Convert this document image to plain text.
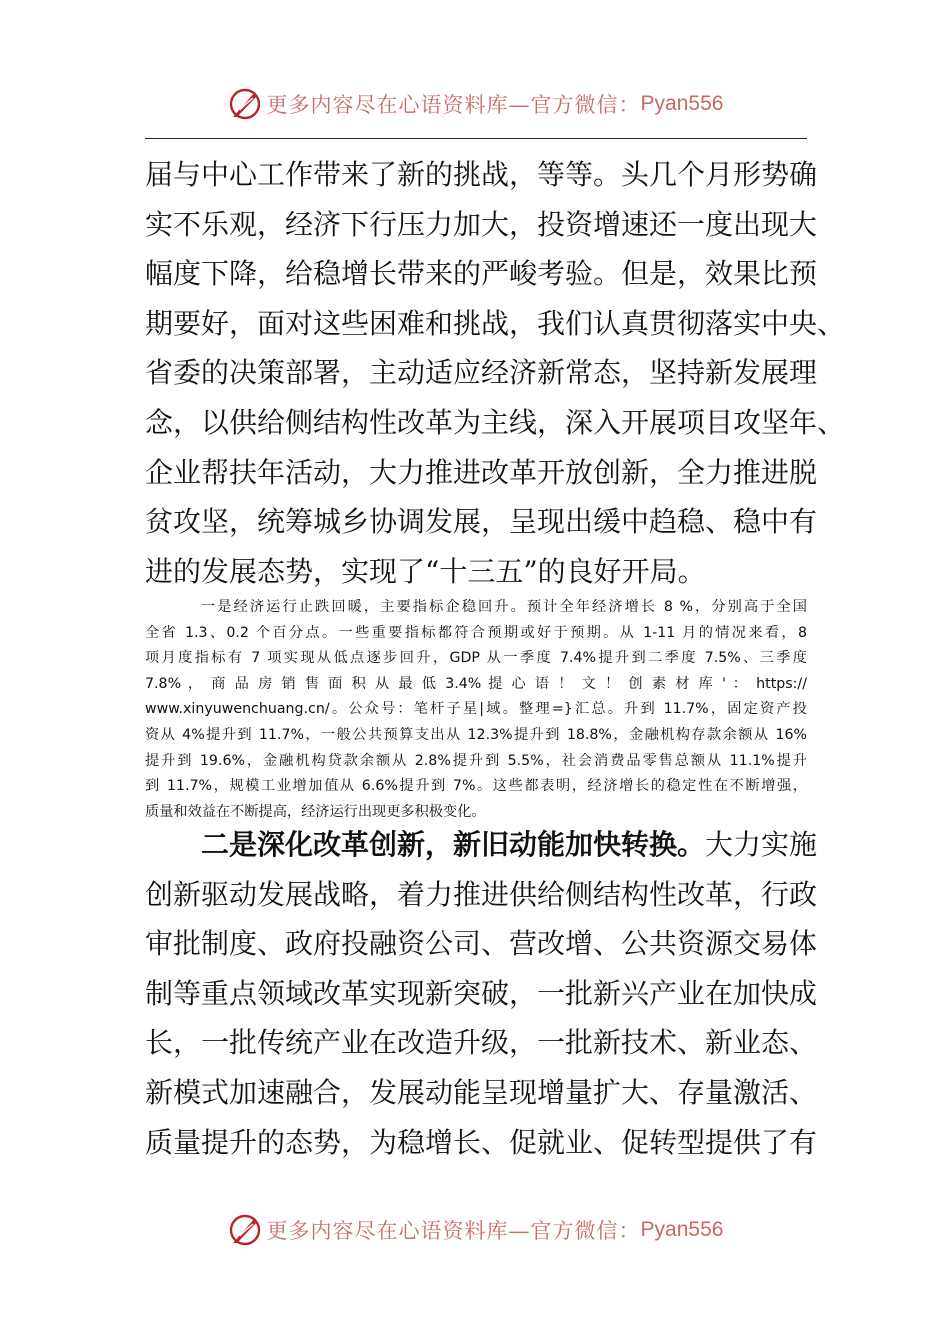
更多内容尽在心语资料库—官方微信： Pyan556

届与中心工作带来了新的挑战，等等。头几个月形势确

实不乐观，经济下行压力加大，投资增速还一度出现大

幅度下降，给稳增长带来的严峻考验。但是，效果比预

期要好，面对这些困难和挑战，我们认真贯彻落实中央、

省委的决策部署，主动适应经济新常态，坚持新发展理

念，以供给侧结构性改革为主线，深入开展项目攻坚年、

企业帮扶年活动，大力推进改革开放创新，全力推进脱

贫攻坚，统筹城乡协调发展，呈现出缓中趋稳、稳中有

进的发展态势，实现了“十三五”的良好开局。

一是经济运行止跌回暖，主要指标企稳回升。预计全年经济增长 8 %，分别高于全国

全省 1.3、0.2 个百分点。一些重要指标都符合预期或好于预期。从 1-11 月的情况来看，8

项月度指标有 7 项实现从低点逐步回升，GDP 从一季度 7.4%提升到二季度 7.5%、三季度

7.8% ， 商 品 房 销 售 面 积 从 最 低 3.4% 提 心 语 ！ 文 ！ 创 素 材 库 ' ： https://

www.xinyuwenchuang.cn/。公众号：笔杆子星|域。整理=}汇总。升到 11.7%，固定资产投

资从 4%提升到 11.7%，一般公共预算支出从 12.3%提升到 18.8%，金融机构存款余额从 16%

提升到 19.6%，金融机构贷款余额从 2.8%提升到 5.5%，社会消费品零售总额从 11.1%提升

到 11.7%，规模工业增加值从 6.6%提升到 7%。这些都表明，经济增长的稳定性在不断增强，

质量和效益在不断提高，经济运行出现更多积极变化。

二是深化改革创新，新旧动能加快转换。大力实施

创新驱动发展战略，着力推进供给侧结构性改革，行政

审批制度、政府投融资公司、营改增、公共资源交易体

制等重点领域改革实现新突破，一批新兴产业在加快成

长，一批传统产业在改造升级，一批新技术、新业态、

新模式加速融合，发展动能呈现增量扩大、存量激活、

质量提升的态势，为稳增长、促就业、促转型提供了有

更多内容尽在心语资料库—官方微信： Pyan556
